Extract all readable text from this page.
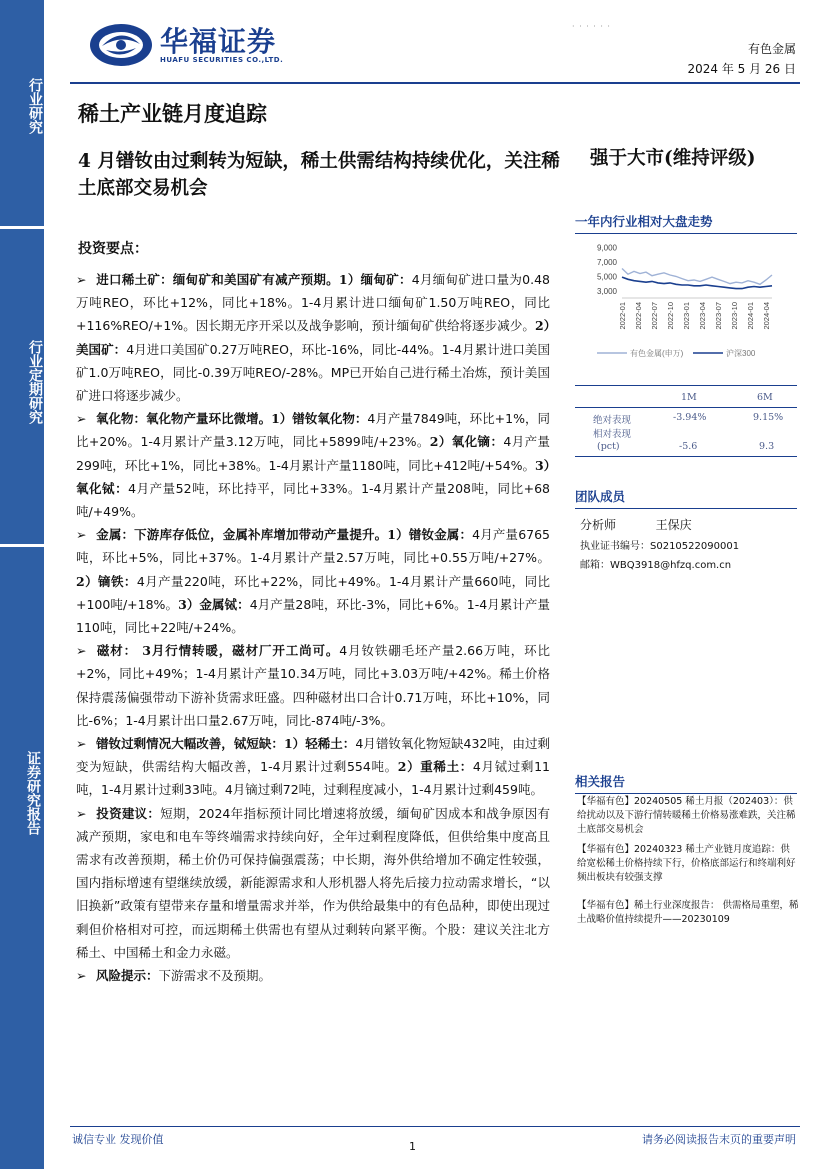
行业研究
行业定期研究
证券研究报告
华福证券
HUAFU SECURITIES CO.,LTD.
· · · · · ·
有色金属
2024 年 5 月 26 日
稀土产业链月度追踪
4 月镨钕由过剩转为短缺，稀土供需结构持续优化，关注稀土底部交易机会
强于大市(维持评级)
一年内行业相对大盘走势
9,000
7,000
5,000
3,000
2022-01 2022-04 2022-07 2022-10 2023-01 2023-04 2023-07 2023-10 2024-01 2024-04
有色金属(申万)	沪深300
1M	6M
绝对表现	-3.94%	9.15%
相对表现
(pct)	-5.6	9.3
团队成员
分析师	王保庆
执业证书编号：S0210522090001
邮箱：WBQ3918@hfzq.com.cn
相关报告

【华福有色】20240505 稀土月报（202403）：供给扰动以及下游行情转暖稀土价格易涨难跌，关注稀土底部交易机会

【华福有色】20240323 稀土产业链月度追踪：供给宽松稀土价格持续下行，价格底部运行和终端利好频出板块有较强支撑

【华福有色】稀土行业深度报告： 供需格局重塑，稀土战略价值持续提升——20230109

投资要点：

➢ 进口稀土矿：缅甸矿和美国矿有减产预期。1）缅甸矿：4月缅甸矿进口量为0.48万吨REO，环比+12%，同比+18%。1-4月累计进口缅甸矿1.50万吨REO，同比+116%REO/+1%。因长期无序开采以及战争影响，预计缅甸矿供给将逐步减少。2）美国矿：4月进口美国矿0.27万吨REO，环比-16%，同比-44%。1-4月累计进口美国矿1.0万吨REO，同比-0.39万吨REO/-28%。MP已开始自己进行稀土冶炼，预计美国矿进口将逐步减少。

➢ 氧化物：氧化物产量环比微增。1）镨钕氧化物：4月产量7849吨，环比+1%，同比+20%。1-4月累计产量3.12万吨，同比+5899吨/+23%。2）氧化镝：4月产量299吨，环比+1%，同比+38%。1-4月累计产量1180吨，同比+412吨/+54%。3）氧化铽：4月产量52吨，环比持平，同比+33%。1-4月累计产量208吨，同比+68吨/+49%。

➢ 金属：下游库存低位，金属补库增加带动产量提升。1）镨钕金属：4月产量6765吨，环比+5%，同比+37%。1-4月累计产量2.57万吨，同比+0.55万吨/+27%。2）镝铁：4月产量220吨，环比+22%，同比+49%。1-4月累计产量660吨，同比+100吨/+18%。3）金属铽：4月产量28吨，环比-3%，同比+6%。1-4月累计产量110吨，同比+22吨/+24%。

➢ 磁材： 3月行情转暖，磁材厂开工尚可。4月钕铁硼毛坯产量2.66万吨，环比+2%，同比+49%；1-4月累计产量10.34万吨，同比+3.03万吨/+42%。稀土价格保持震荡偏强带动下游补货需求旺盛。四种磁材出口合计0.71万吨，环比+10%，同比-6%；1-4月累计出口量2.67万吨，同比-874吨/-3%。

➢ 镨钕过剩情况大幅改善，铽短缺：1）轻稀土：4月镨钕氧化物短缺432吨，由过剩变为短缺，供需结构大幅改善，1-4月累计过剩554吨。2）重稀土：4月铽过剩11吨，1-4月累计过剩33吨。4月镝过剩72吨，过剩程度减小，1-4月累计过剩459吨。

➢ 投资建议：短期，2024年指标预计同比增速将放缓，缅甸矿因成本和战争原因有减产预期，家电和电车等终端需求持续向好，全年过剩程度降低，但供给集中度高且需求有改善预期，稀土价仍可保持偏强震荡；中长期，海外供给增加不确定性较强，国内指标增速有望继续放缓，新能源需求和人形机器人将先后接力拉动需求增长，“以旧换新”政策有望带来存量和增量需求并举，作为供给最集中的有色品种，即使出现过剩但价格相对可控，而远期稀土供需也有望从过剩转向紧平衡。个股：建议关注北方稀土、中国稀土和金力永磁。

➢ 风险提示：下游需求不及预期。

诚信专业 发现价值
1
请务必阅读报告末页的重要声明
